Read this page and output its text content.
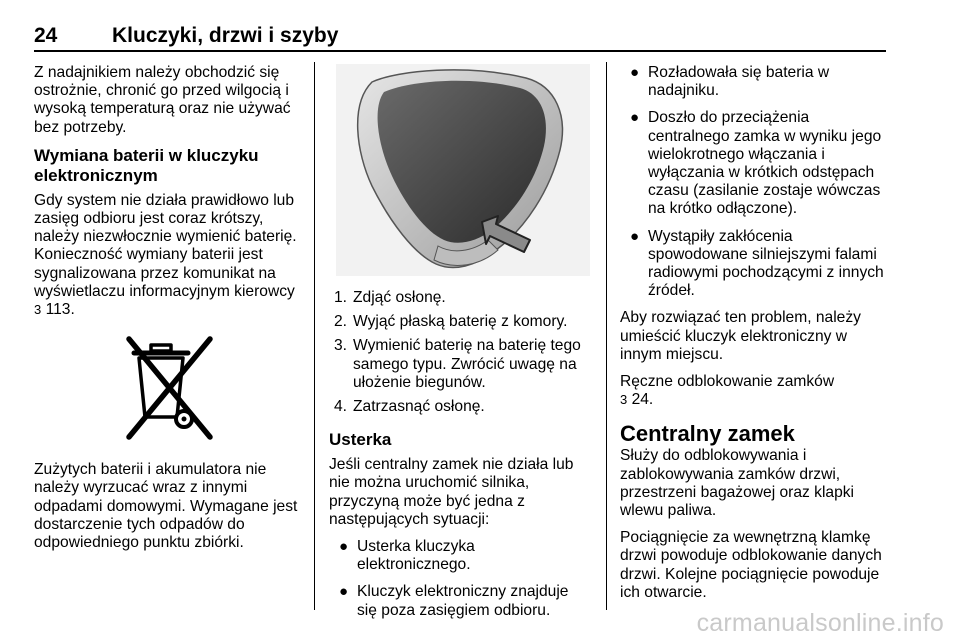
24	Kluczyki, drzwi i szyby

Z nadajnikiem należy obchodzić się ostrożnie, chronić go przed wilgocią i wysoką temperaturą oraz nie używać bez potrzeby.

Wymiana baterii w kluczyku elektronicznym

Gdy system nie działa prawidłowo lub zasięg odbioru jest coraz krótszy, należy niezwłocznie wymienić baterię. Konieczność wymiany baterii jest sygnalizowana przez komunikat na wyświetlaczu informacyjnym kierowcy 3 113.

Zużytych baterii i akumulatora nie należy wyrzucać wraz z innymi odpadami domowymi. Wymagane jest dostarczenie tych odpadów do odpowiedniego punktu zbiórki.

1. Zdjąć osłonę.
2. Wyjąć płaską baterię z komory.
3. Wymienić baterię na baterię tego samego typu. Zwrócić uwagę na ułożenie biegunów.
4. Zatrzasnąć osłonę.
Usterka

Jeśli centralny zamek nie działa lub nie można uruchomić silnika, przyczyną może być jedna z następujących sytuacji:

● Usterka kluczyka elektronicznego.
● Kluczyk elektroniczny znajduje się poza zasięgiem odbioru.
● Rozładowała się bateria w nadajniku.
● Doszło do przeciążenia centralnego zamka w wyniku jego wielokrotnego włączania i wyłączania w krótkich odstępach czasu (zasilanie zostaje wówczas na krótko odłączone).
● Wystąpiły zakłócenia spowodowane silniejszymi falami radiowymi pochodzącymi z innych źródeł.

Aby rozwiązać ten problem, należy umieścić kluczyk elektroniczny w innym miejscu.

Ręczne odblokowanie zamków
3 24.

Centralny zamek

Służy do odblokowywania i zablokowywania zamków drzwi, przestrzeni bagażowej oraz klapki wlewu paliwa.

Pociągnięcie za wewnętrzną klamkę drzwi powoduje odblokowanie danych drzwi. Kolejne pociągnięcie powoduje ich otwarcie.

carmanualsonline.info
